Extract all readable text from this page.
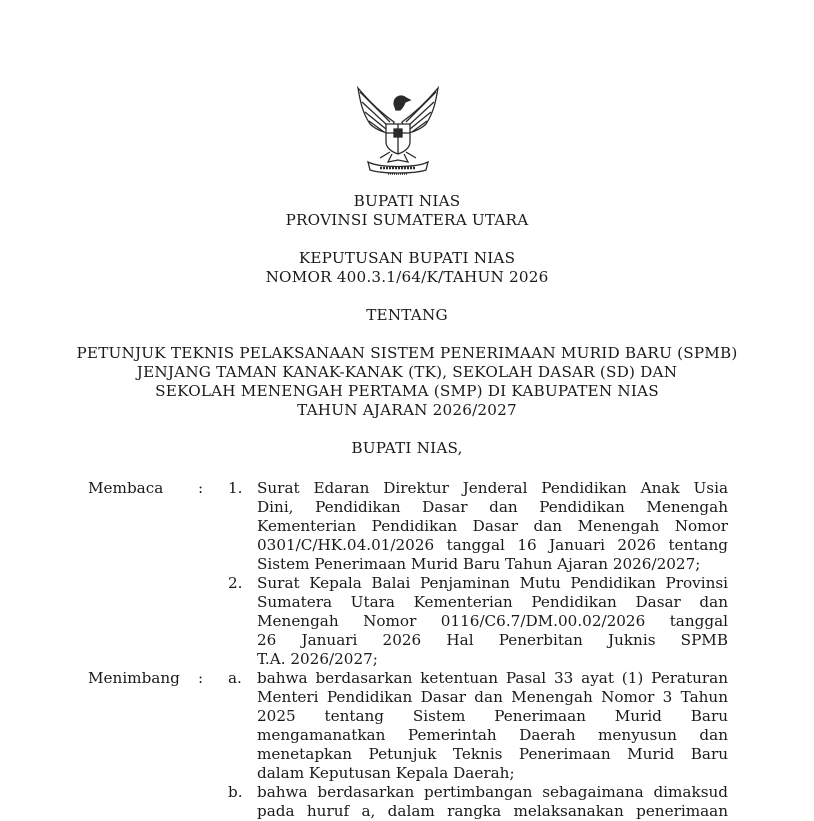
BUPATI NIAS
PROVINSI SUMATERA UTARA
KEPUTUSAN BUPATI NIAS
NOMOR 400.3.1/64/K/TAHUN 2026
TENTANG
PETUNJUK TEKNIS PELAKSANAAN SISTEM PENERIMAAN MURID BARU (SPMB)
JENJANG TAMAN KANAK-KANAK (TK), SEKOLAH DASAR (SD) DAN
SEKOLAH MENENGAH PERTAMA (SMP) DI KABUPATEN NIAS
TAHUN AJARAN 2026/2027
BUPATI NIAS,
Membaca : 1. Surat Edaran Direktur Jenderal Pendidikan Anak Usia
Dini, Pendidikan Dasar dan Pendidikan Menengah
Kementerian Pendidikan Dasar dan Menengah Nomor
0301/C/HK.04.01/2026 tanggal 16 Januari 2026 tentang
Sistem Penerimaan Murid Baru Tahun Ajaran 2026/2027;
2. Surat Kepala Balai Penjaminan Mutu Pendidikan Provinsi
Sumatera Utara Kementerian Pendidikan Dasar dan
Menengah Nomor 0116/C6.7/DM.00.02/2026 tanggal
26 Januari 2026 Hal Penerbitan Juknis SPMB
T.A. 2026/2027;
Menimbang : a. bahwa berdasarkan ketentuan Pasal 33 ayat (1) Peraturan
Menteri Pendidikan Dasar dan Menengah Nomor 3 Tahun
2025 tentang Sistem Penerimaan Murid Baru
mengamanatkan Pemerintah Daerah menyusun dan
menetapkan Petunjuk Teknis Penerimaan Murid Baru
dalam Keputusan Kepala Daerah;
b. bahwa berdasarkan pertimbangan sebagaimana dimaksud
pada huruf a, dalam rangka melaksanakan penerimaan
